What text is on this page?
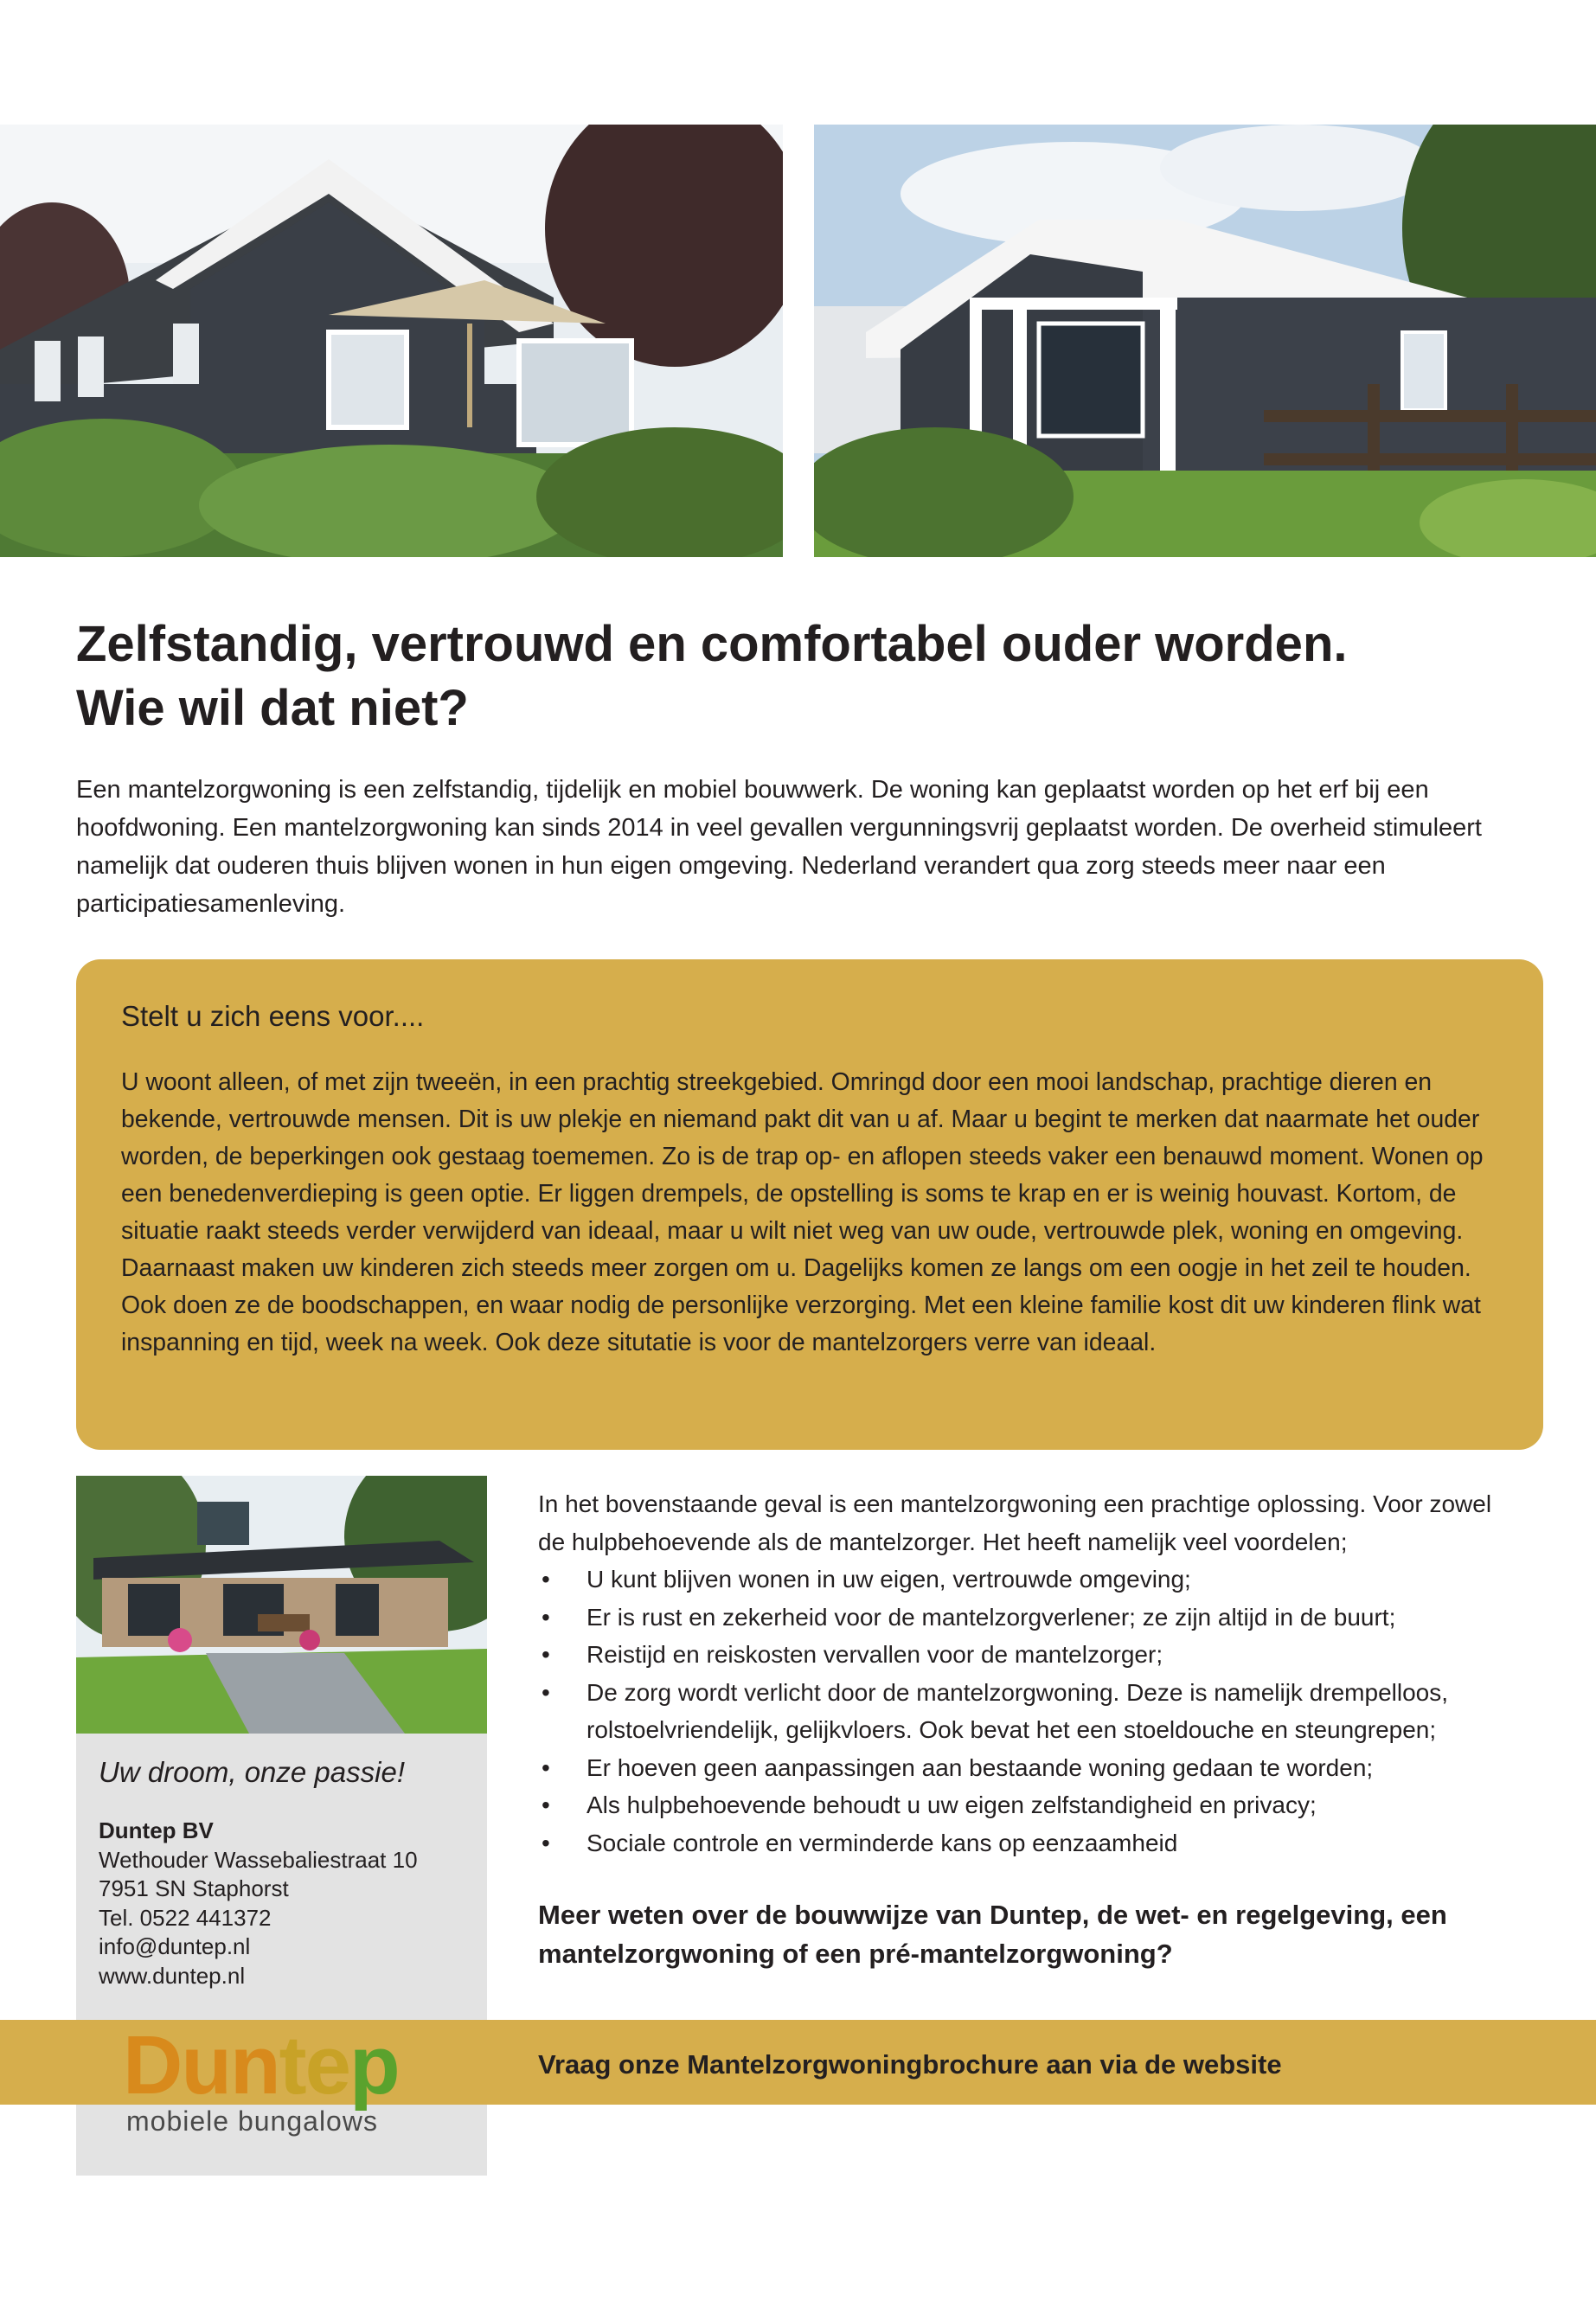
Zelfstandig, vertrouwd en comfortabel ouder worden.
Wie wil dat niet?

Een mantelzorgwoning is een zelfstandig, tijdelijk en mobiel bouwwerk. De woning kan geplaatst worden op het erf bij een hoofdwoning. Een mantelzorgwoning kan sinds 2014 in veel gevallen vergunningsvrij geplaatst worden. De overheid stimuleert namelijk dat ouderen thuis blijven wonen in hun eigen omgeving. Nederland verandert qua zorg steeds meer naar een participatiesamenleving.

Stelt u zich eens voor....

U woont alleen, of met zijn tweeën, in een prachtig streekgebied. Omringd door een mooi landschap, prachtige dieren en bekende, vertrouwde mensen. Dit is uw plekje en niemand pakt dit van u af. Maar u begint te merken dat naarmate het ouder worden, de beperkingen ook gestaag toememen. Zo is de trap op- en aflopen steeds vaker een benauwd moment. Wonen op een benedenverdieping is geen optie. Er liggen drempels, de opstelling is soms te krap en er is weinig houvast. Kortom, de situatie raakt steeds verder verwijderd van ideaal, maar u wilt niet weg van uw oude, vertrouwde plek, woning en omgeving. Daarnaast maken uw kinderen zich steeds meer zorgen om u. Dagelijks komen ze langs om een oogje in het zeil te houden. Ook doen ze de boodschappen, en waar nodig de personlijke verzorging. Met een kleine familie kost dit uw kinderen flink wat inspanning en tijd, week na week. Ook deze situtatie is voor de mantelzorgers verre van ideaal.

Uw droom, onze passie!
Duntep BV
Wethouder Wassebaliestraat 10
7951 SN Staphorst
Tel. 0522 441372
info@duntep.nl
www.duntep.nl

In het bovenstaande geval is een mantelzorgwoning een prachtige oplossing. Voor zowel de hulpbehoevende als de mantelzorger. Het heeft namelijk veel voordelen;

• U kunt blijven wonen in uw eigen, vertrouwde omgeving;
• Er is rust en zekerheid voor de mantelzorgverlener; ze zijn altijd in de buurt;
• Reistijd en reiskosten vervallen voor de mantelzorger;
• De zorg wordt verlicht door de mantelzorgwoning. Deze is namelijk drempelloos, rolstoelvriendelijk, gelijkvloers. Ook bevat het een stoeldouche en steungrepen;
• Er hoeven geen aanpassingen aan bestaande woning gedaan te worden;
• Als hulpbehoevende behoudt u uw eigen zelfstandigheid en privacy;
• Sociale controle en verminderde kans op eenzaamheid

Meer weten over de bouwwijze van Duntep, de wet- en regelgeving, een mantelzorgwoning of een pré-mantelzorgwoning?

Vraag onze Mantelzorgwoningbrochure aan via de website
Duntep
mobiele bungalows
